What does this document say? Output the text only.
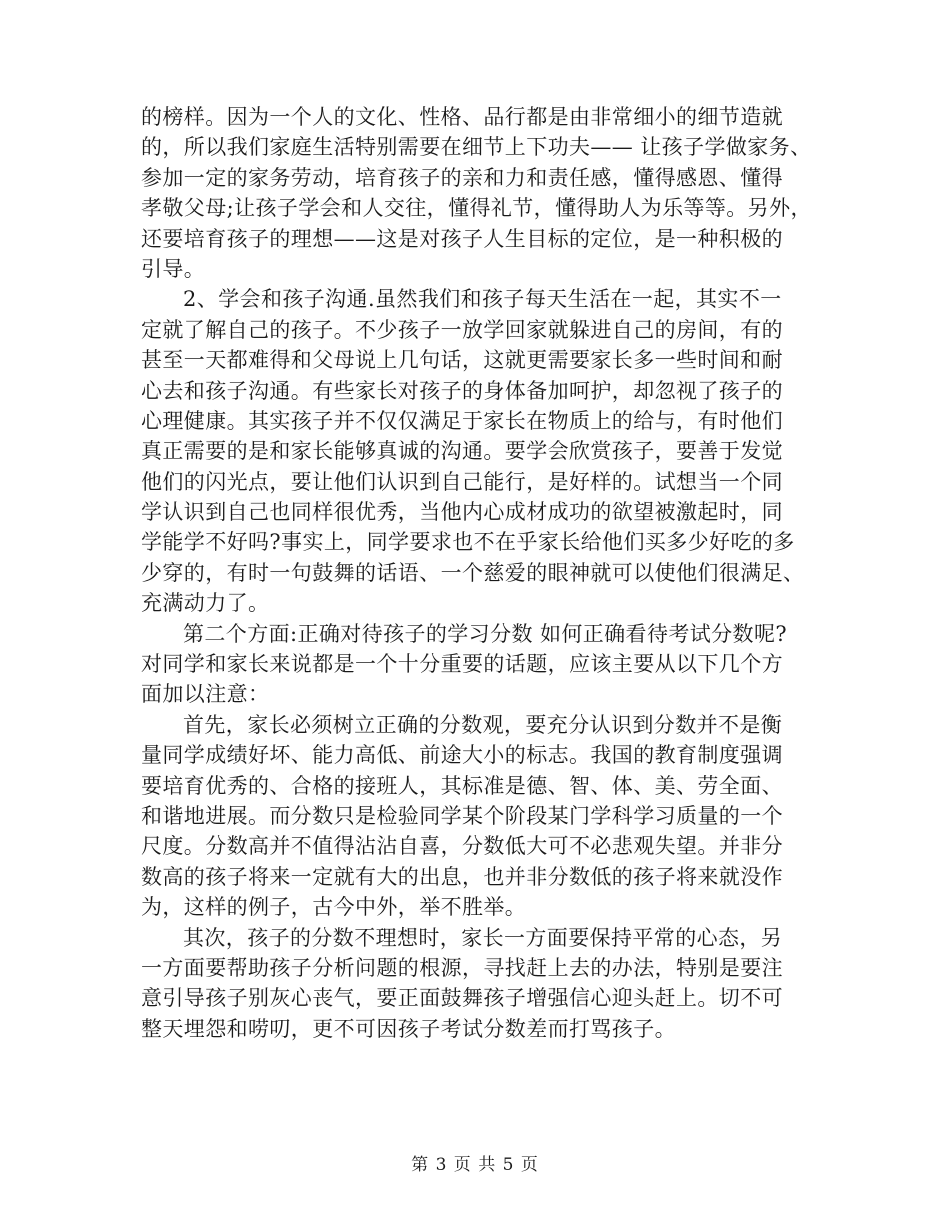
的榜样。因为一个人的文化、性格、品行都是由非常细小的细节造就
的，所以我们家庭生活特别需要在细节上下功夫—— 让孩子学做家务、
参加一定的家务劳动，培育孩子的亲和力和责任感，懂得感恩、懂得
孝敬父母;让孩子学会和人交往，懂得礼节，懂得助人为乐等等。另外，
还要培育孩子的理想——这是对孩子人生目标的定位，是一种积极的
引导。
2、学会和孩子沟通.虽然我们和孩子每天生活在一起，其实不一
定就了解自己的孩子。不少孩子一放学回家就躲进自己的房间，有的
甚至一天都难得和父母说上几句话，这就更需要家长多一些时间和耐
心去和孩子沟通。有些家长对孩子的身体备加呵护，却忽视了孩子的
心理健康。其实孩子并不仅仅满足于家长在物质上的给与，有时他们
真正需要的是和家长能够真诚的沟通。要学会欣赏孩子，要善于发觉
他们的闪光点，要让他们认识到自己能行，是好样的。试想当一个同
学认识到自己也同样很优秀，当他内心成材成功的欲望被激起时，同
学能学不好吗?事实上，同学要求也不在乎家长给他们买多少好吃的多
少穿的，有时一句鼓舞的话语、一个慈爱的眼神就可以使他们很满足、
充满动力了。
第二个方面:正确对待孩子的学习分数 如何正确看待考试分数呢?
对同学和家长来说都是一个十分重要的话题，应该主要从以下几个方
面加以注意：
首先，家长必须树立正确的分数观，要充分认识到分数并不是衡
量同学成绩好坏、能力高低、前途大小的标志。我国的教育制度强调
要培育优秀的、合格的接班人，其标准是德、智、体、美、劳全面、
和谐地进展。而分数只是检验同学某个阶段某门学科学习质量的一个
尺度。分数高并不值得沾沾自喜，分数低大可不必悲观失望。并非分
数高的孩子将来一定就有大的出息，也并非分数低的孩子将来就没作
为，这样的例子，古今中外，举不胜举。
其次，孩子的分数不理想时，家长一方面要保持平常的心态，另
一方面要帮助孩子分析问题的根源，寻找赶上去的办法，特别是要注
意引导孩子别灰心丧气，要正面鼓舞孩子增强信心迎头赶上。切不可
整天埋怨和唠叨，更不可因孩子考试分数差而打骂孩子。
第 3 页 共 5 页
